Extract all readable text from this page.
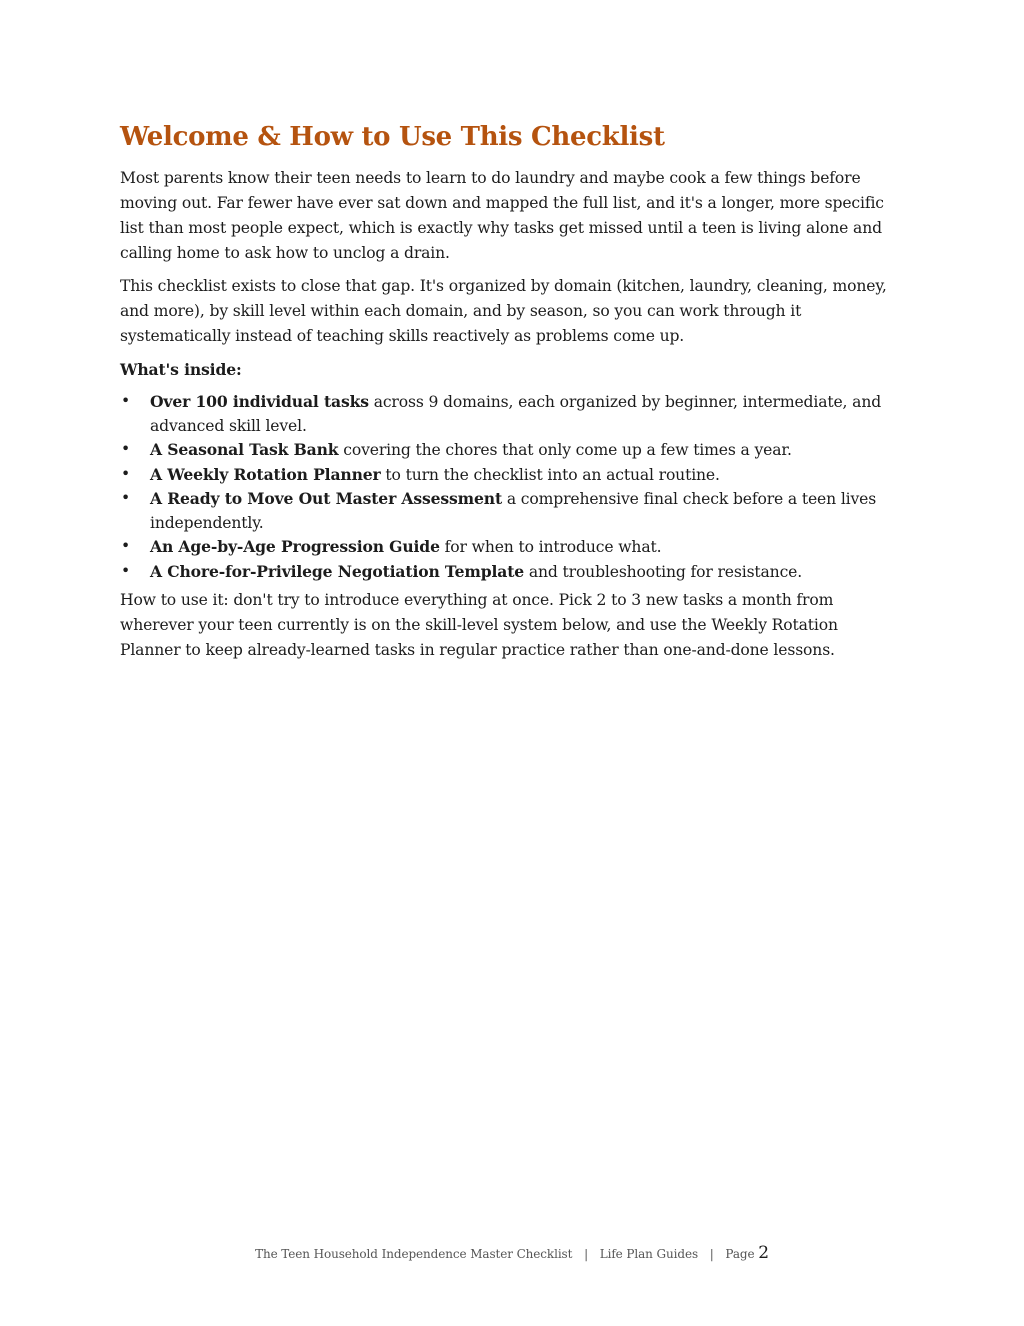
Welcome & How to Use This Checklist

Most parents know their teen needs to learn to do laundry and maybe cook a few things before moving out. Far fewer have ever sat down and mapped the full list, and it's a longer, more specific list than most people expect, which is exactly why tasks get missed until a teen is living alone and calling home to ask how to unclog a drain.

This checklist exists to close that gap. It's organized by domain (kitchen, laundry, cleaning, money, and more), by skill level within each domain, and by season, so you can work through it systematically instead of teaching skills reactively as problems come up.

What's inside:

• Over 100 individual tasks across 9 domains, each organized by beginner, intermediate, and advanced skill level.
• A Seasonal Task Bank covering the chores that only come up a few times a year.
• A Weekly Rotation Planner to turn the checklist into an actual routine.
• A Ready to Move Out Master Assessment a comprehensive final check before a teen lives independently.
• An Age-by-Age Progression Guide for when to introduce what.
• A Chore-for-Privilege Negotiation Template and troubleshooting for resistance.

How to use it: don't try to introduce everything at once. Pick 2 to 3 new tasks a month from wherever your teen currently is on the skill-level system below, and use the Weekly Rotation Planner to keep already-learned tasks in regular practice rather than one-and-done lessons.

The Teen Household Independence Master Checklist | Life Plan Guides | Page 2
